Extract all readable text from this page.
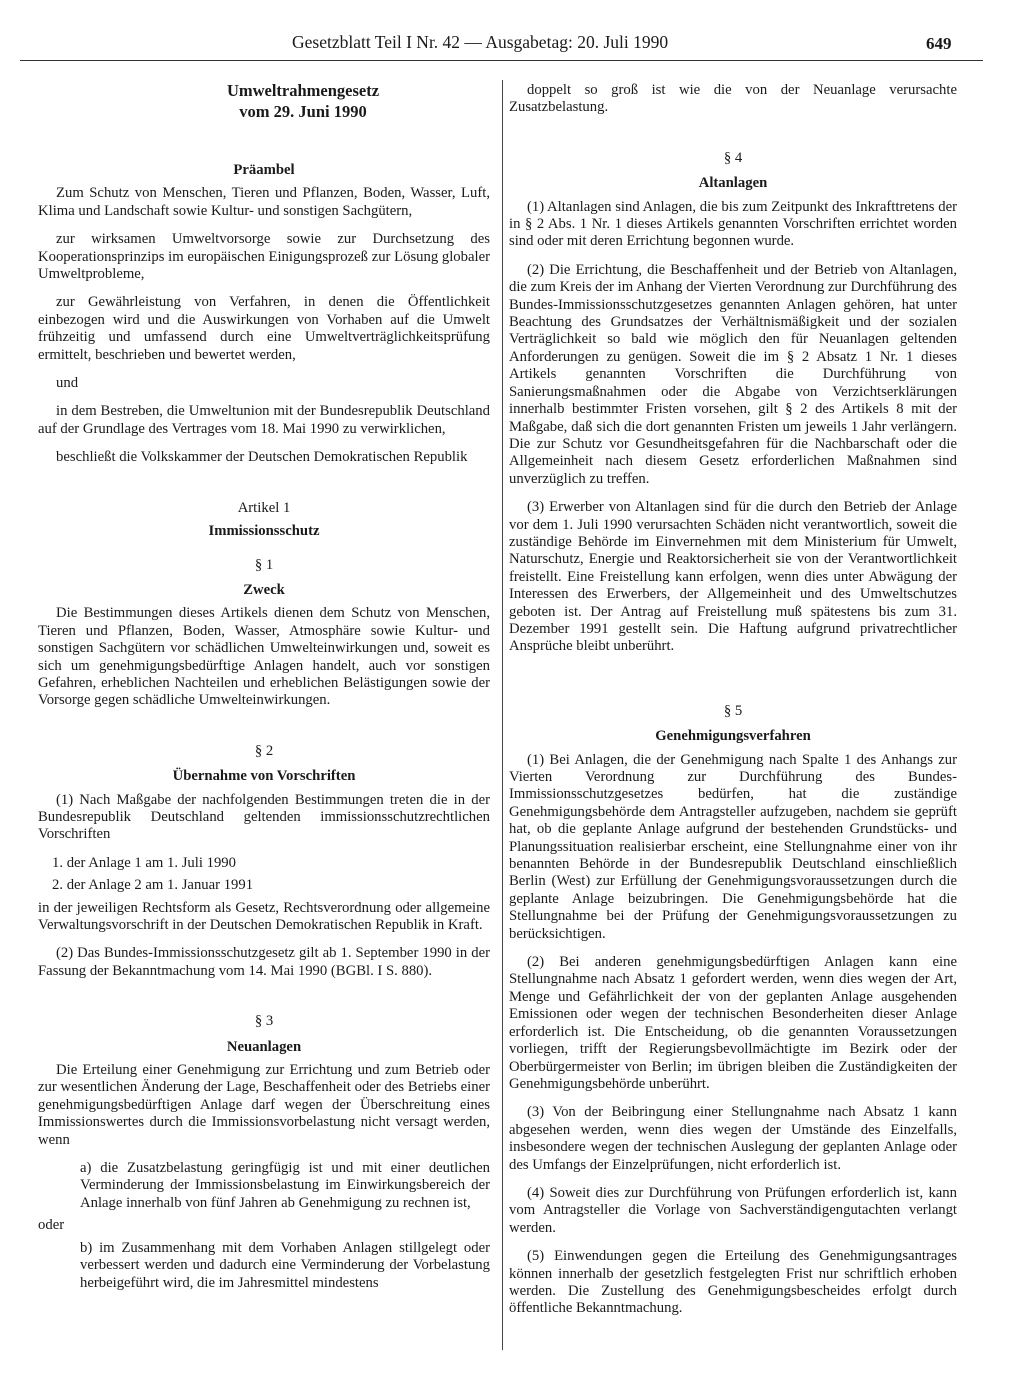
Gesetzblatt Teil I Nr. 42 — Ausgabetag: 20. Juli 1990	649
Umweltrahmengesetz
vom 29. Juni 1990
Präambel

Zum Schutz von Menschen, Tieren und Pflanzen, Boden, Wasser, Luft, Klima und Landschaft sowie Kultur- und sonstigen Sachgütern,

zur wirksamen Umweltvorsorge sowie zur Durchsetzung des Kooperationsprinzips im europäischen Einigungsprozeß zur Lösung globaler Umweltprobleme,

zur Gewährleistung von Verfahren, in denen die Öffentlichkeit einbezogen wird und die Auswirkungen von Vorhaben auf die Umwelt frühzeitig und umfassend durch eine Umweltverträglichkeitsprüfung ermittelt, beschrieben und bewertet werden,

und

in dem Bestreben, die Umweltunion mit der Bundesrepublik Deutschland auf der Grundlage des Vertrages vom 18. Mai 1990 zu verwirklichen,

beschließt die Volkskammer der Deutschen Demokratischen Republik

Artikel 1
Immissionsschutz
§ 1
Zweck

Die Bestimmungen dieses Artikels dienen dem Schutz von Menschen, Tieren und Pflanzen, Boden, Wasser, Atmosphäre sowie Kultur- und sonstigen Sachgütern vor schädlichen Umwelteinwirkungen und, soweit es sich um genehmigungsbedürftige Anlagen handelt, auch vor sonstigen Gefahren, erheblichen Nachteilen und erheblichen Belästigungen sowie der Vorsorge gegen schädliche Umwelteinwirkungen.

§ 2
Übernahme von Vorschriften

(1) Nach Maßgabe der nachfolgenden Bestimmungen treten die in der Bundesrepublik Deutschland geltenden immissionsschutzrechtlichen Vorschriften

1. der Anlage 1 am 1. Juli 1990
2. der Anlage 2 am 1. Januar 1991

in der jeweiligen Rechtsform als Gesetz, Rechtsverordnung oder allgemeine Verwaltungsvorschrift in der Deutschen Demokratischen Republik in Kraft.

(2) Das Bundes-Immissionsschutzgesetz gilt ab 1. September 1990 in der Fassung der Bekanntmachung vom 14. Mai 1990 (BGBl. I S. 880).

§ 3
Neuanlagen

Die Erteilung einer Genehmigung zur Errichtung und zum Betrieb oder zur wesentlichen Änderung der Lage, Beschaffenheit oder des Betriebs einer genehmigungsbedürftigen Anlage darf wegen der Überschreitung eines Immissionswertes durch die Immissionsvorbelastung nicht versagt werden, wenn

a) die Zusatzbelastung geringfügig ist und mit einer deutlichen Verminderung der Immissionsbelastung im Einwirkungsbereich der Anlage innerhalb von fünf Jahren ab Genehmigung zu rechnen ist,
oder
b) im Zusammenhang mit dem Vorhaben Anlagen stillgelegt oder verbessert werden und dadurch eine Verminderung der Vorbelastung herbeigeführt wird, die im Jahresmittel mindestens

doppelt so groß ist wie die von der Neuanlage verursachte Zusatzbelastung.

§ 4
Altanlagen

(1) Altanlagen sind Anlagen, die bis zum Zeitpunkt des Inkrafttretens der in § 2 Abs. 1 Nr. 1 dieses Artikels genannten Vorschriften errichtet worden sind oder mit deren Errichtung begonnen wurde.

(2) Die Errichtung, die Beschaffenheit und der Betrieb von Altanlagen, die zum Kreis der im Anhang der Vierten Verordnung zur Durchführung des Bundes-Immissionsschutzgesetzes genannten Anlagen gehören, hat unter Beachtung des Grundsatzes der Verhältnismäßigkeit und der sozialen Verträglichkeit so bald wie möglich den für Neuanlagen geltenden Anforderungen zu genügen. Soweit die im § 2 Absatz 1 Nr. 1 dieses Artikels genannten Vorschriften die Durchführung von Sanierungsmaßnahmen oder die Abgabe von Verzichtserklärungen innerhalb bestimmter Fristen vorsehen, gilt § 2 des Artikels 8 mit der Maßgabe, daß sich die dort genannten Fristen um jeweils 1 Jahr verlängern. Die zur Schutz vor Gesundheitsgefahren für die Nachbarschaft oder die Allgemeinheit nach diesem Gesetz erforderlichen Maßnahmen sind unverzüglich zu treffen.

(3) Erwerber von Altanlagen sind für die durch den Betrieb der Anlage vor dem 1. Juli 1990 verursachten Schäden nicht verantwortlich, soweit die zuständige Behörde im Einvernehmen mit dem Ministerium für Umwelt, Naturschutz, Energie und Reaktorsicherheit sie von der Verantwortlichkeit freistellt. Eine Freistellung kann erfolgen, wenn dies unter Abwägung der Interessen des Erwerbers, der Allgemeinheit und des Umweltschutzes geboten ist. Der Antrag auf Freistellung muß spätestens bis zum 31. Dezember 1991 gestellt sein. Die Haftung aufgrund privatrechtlicher Ansprüche bleibt unberührt.

§ 5
Genehmigungsverfahren

(1) Bei Anlagen, die der Genehmigung nach Spalte 1 des Anhangs zur Vierten Verordnung zur Durchführung des Bundes-Immissionsschutzgesetzes bedürfen, hat die zuständige Genehmigungsbehörde dem Antragsteller aufzugeben, nachdem sie geprüft hat, ob die geplante Anlage aufgrund der bestehenden Grundstücks- und Planungssituation realisierbar erscheint, eine Stellungnahme einer von ihr benannten Behörde in der Bundesrepublik Deutschland einschließlich Berlin (West) zur Erfüllung der Genehmigungsvoraussetzungen durch die geplante Anlage beizubringen. Die Genehmigungsbehörde hat die Stellungnahme bei der Prüfung der Genehmigungsvoraussetzungen zu berücksichtigen.

(2) Bei anderen genehmigungsbedürftigen Anlagen kann eine Stellungnahme nach Absatz 1 gefordert werden, wenn dies wegen der Art, Menge und Gefährlichkeit der von der geplanten Anlage ausgehenden Emissionen oder wegen der technischen Besonderheiten dieser Anlage erforderlich ist. Die Entscheidung, ob die genannten Voraussetzungen vorliegen, trifft der Regierungsbevollmächtigte im Bezirk oder der Oberbürgermeister von Berlin; im übrigen bleiben die Zuständigkeiten der Genehmigungsbehörde unberührt.

(3) Von der Beibringung einer Stellungnahme nach Absatz 1 kann abgesehen werden, wenn dies wegen der Umstände des Einzelfalls, insbesondere wegen der technischen Auslegung der geplanten Anlage oder des Umfangs der Einzelprüfungen, nicht erforderlich ist.

(4) Soweit dies zur Durchführung von Prüfungen erforderlich ist, kann vom Antragsteller die Vorlage von Sachverständigengutachten verlangt werden.

(5) Einwendungen gegen die Erteilung des Genehmigungsantrages können innerhalb der gesetzlich festgelegten Frist nur schriftlich erhoben werden. Die Zustellung des Genehmigungsbescheides erfolgt durch öffentliche Bekanntmachung.
